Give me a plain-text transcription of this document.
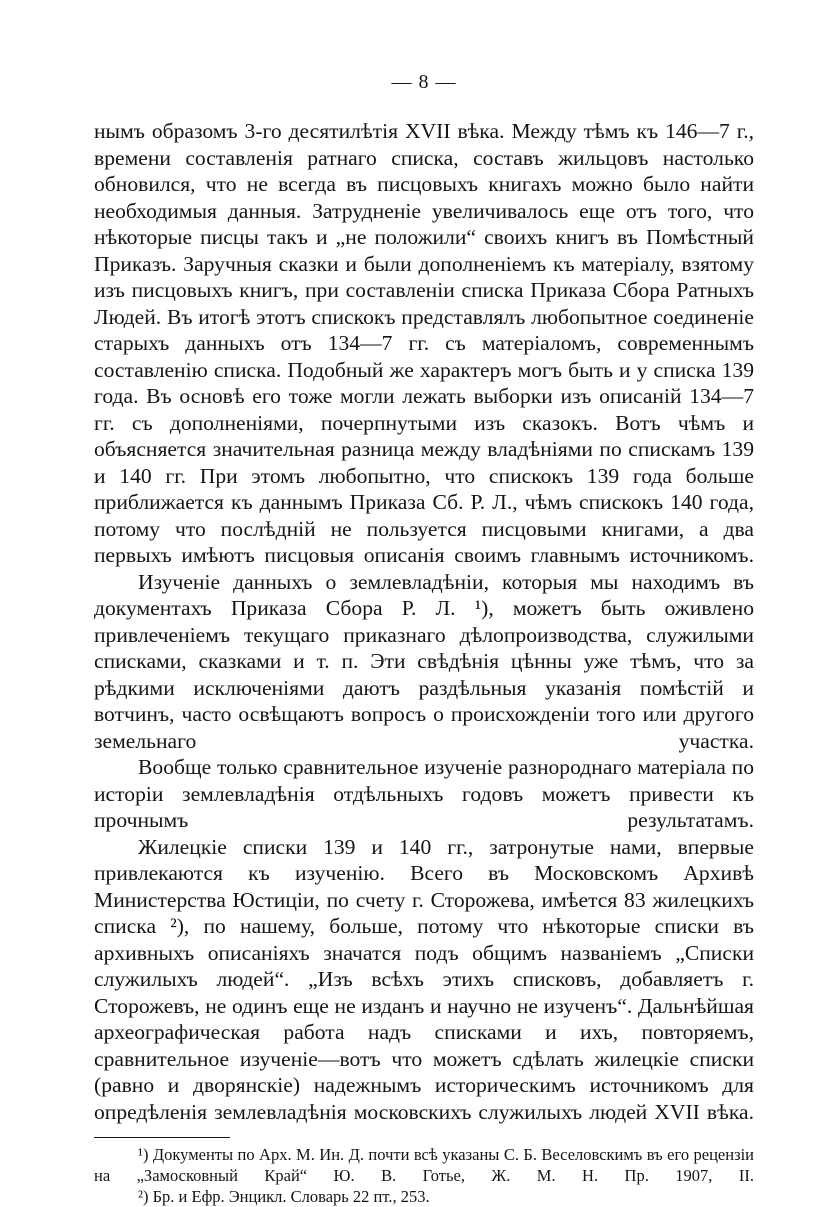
— 8 —

нымъ образомъ 3-го десятилѣтія XVII вѣка. Между тѣмъ къ 146—7 г., времени составленія ратнаго списка, составъ жильцовъ настолько обновился, что не всегда въ писцовыхъ книгахъ можно было найти необходимыя данныя. Затрудненіе увеличивалось еще отъ того, что нѣкоторые писцы такъ и „не положили“ своихъ книгъ въ Помѣстный Приказъ. Заручныя сказки и были дополненіемъ къ матеріалу, взятому изъ писцовыхъ книгъ, при составленіи списка Приказа Сбора Ратныхъ Людей. Въ итогѣ этотъ спискокъ представлялъ любопытное соединеніе старыхъ данныхъ отъ 134—7 гг. съ матеріаломъ, современнымъ составленію списка. Подобный же характеръ могъ быть и у списка 139 года. Въ основѣ его тоже могли лежать выборки изъ описаній 134—7 гг. съ дополненіями, почерпнутыми изъ сказокъ. Вотъ чѣмъ и объясняется значительная разница между владѣніями по спискамъ 139 и 140 гг. При этомъ любопытно, что спискокъ 139 года больше приближается къ даннымъ Приказа Сб. Р. Л., чѣмъ спискокъ 140 года, потому что послѣдній не пользуется писцовыми книгами, а два первыхъ имѣютъ писцовыя описанія своимъ главнымъ источникомъ.

Изученіе данныхъ о землевладѣніи, которыя мы находимъ въ документахъ Приказа Сбора Р. Л. ¹), можетъ быть оживлено привлеченіемъ текущаго приказнаго дѣлопроизводства, служилыми списками, сказками и т. п. Эти свѣдѣнія цѣнны уже тѣмъ, что за рѣдкими исключеніями даютъ раздѣльныя указанія помѣстій и вотчинъ, часто освѣщаютъ вопросъ о происхожденіи того или другого земельнаго участка.

Вообще только сравнительное изученіе разнороднаго матеріала по исторіи землевладѣнія отдѣльныхъ годовъ можетъ привести къ прочнымъ результатамъ.

Жилецкіе списки 139 и 140 гг., затронутые нами, впервые привлекаются къ изученію. Всего въ Московскомъ Архивѣ Министерства Юстиціи, по счету г. Сторожева, имѣется 83 жилецкихъ списка ²), по нашему, больше, потому что нѣкоторые списки въ архивныхъ описаніяхъ значатся подъ общимъ названіемъ „Списки служилыхъ людей“. „Изъ всѣхъ этихъ списковъ, добавляетъ г. Сторожевъ, не одинъ еще не изданъ и научно не изученъ“. Дальнѣйшая археографическая работа надъ списками и ихъ, повторяемъ, сравнительное изученіе—вотъ что можетъ сдѣлать жилецкіе списки (равно и дворянскіе) надежнымъ историческимъ источникомъ для опредѣленія землевладѣнія московскихъ служилыхъ людей XVII вѣка.

¹) Документы по Арх. М. Ин. Д. почти всѣ указаны С. Б. Веселовскимъ въ его рецензіи на „Замосковный Край“ Ю. В. Готье, Ж. М. Н. Пр. 1907, II.

²) Бр. и Ефр. Энцикл. Словарь 22 пт., 253.
